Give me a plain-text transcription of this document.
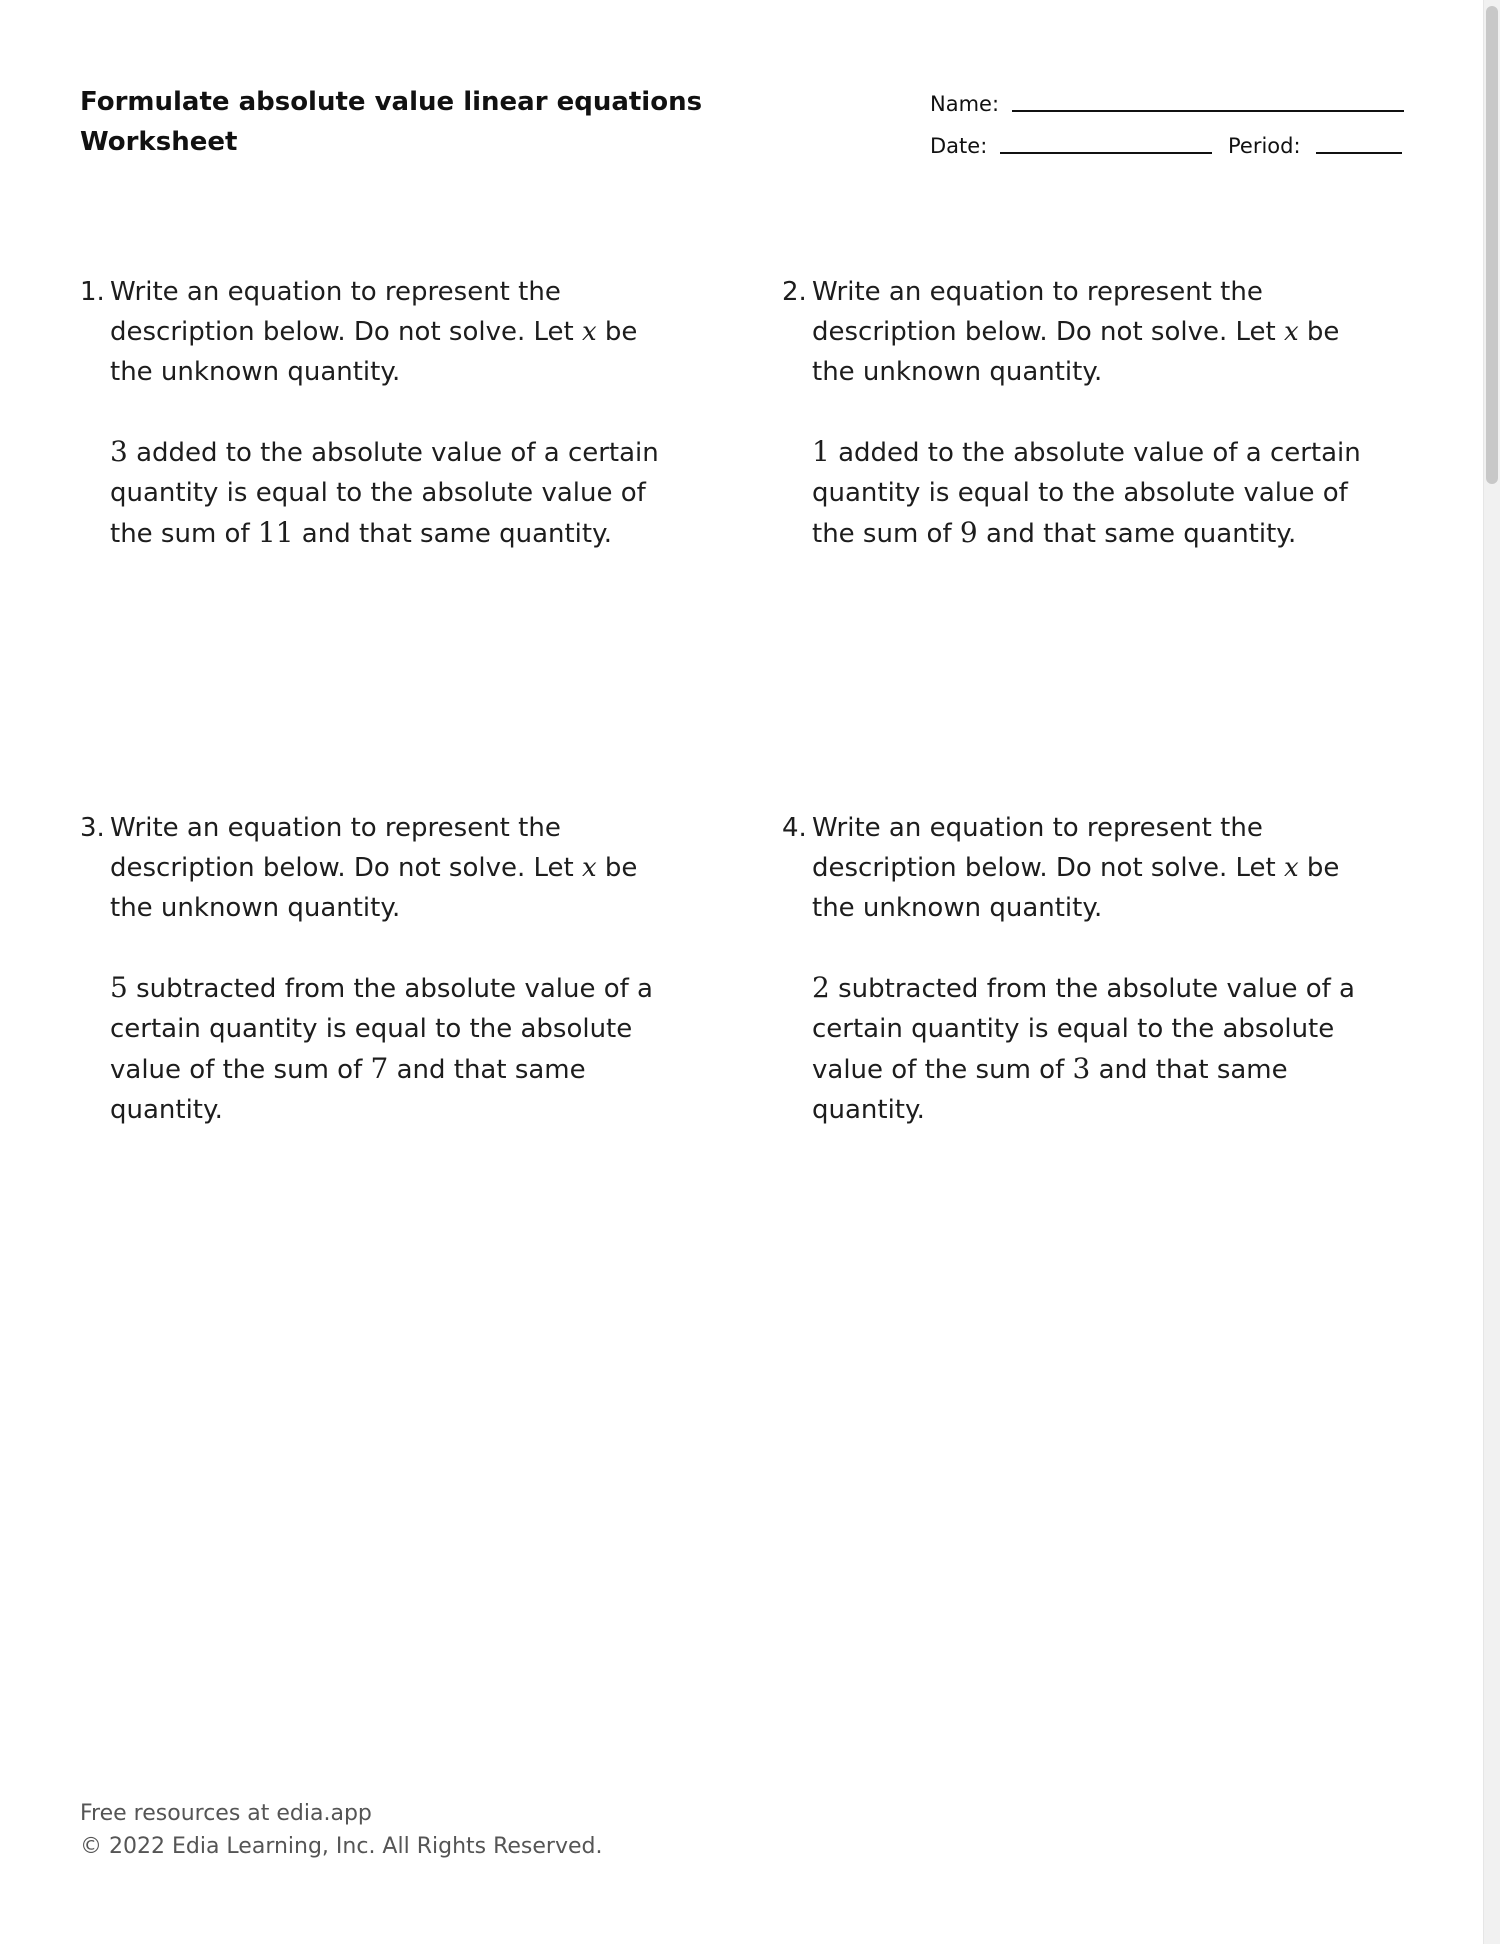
Formulate absolute value linear equations
Worksheet
Name:
Date:	Period:
1. Write an equation to represent the description below. Do not solve. Let x be the unknown quantity.

3 added to the absolute value of a certain quantity is equal to the absolute value of the sum of 11 and that same quantity.

2. Write an equation to represent the description below. Do not solve. Let x be the unknown quantity.

1 added to the absolute value of a certain quantity is equal to the absolute value of the sum of 9 and that same quantity.

3. Write an equation to represent the description below. Do not solve. Let x be the unknown quantity.

5 subtracted from the absolute value of a certain quantity is equal to the absolute value of the sum of 7 and that same quantity.

4. Write an equation to represent the description below. Do not solve. Let x be the unknown quantity.

2 subtracted from the absolute value of a certain quantity is equal to the absolute value of the sum of 3 and that same quantity.

Free resources at edia.app
© 2022 Edia Learning, Inc. All Rights Reserved.
